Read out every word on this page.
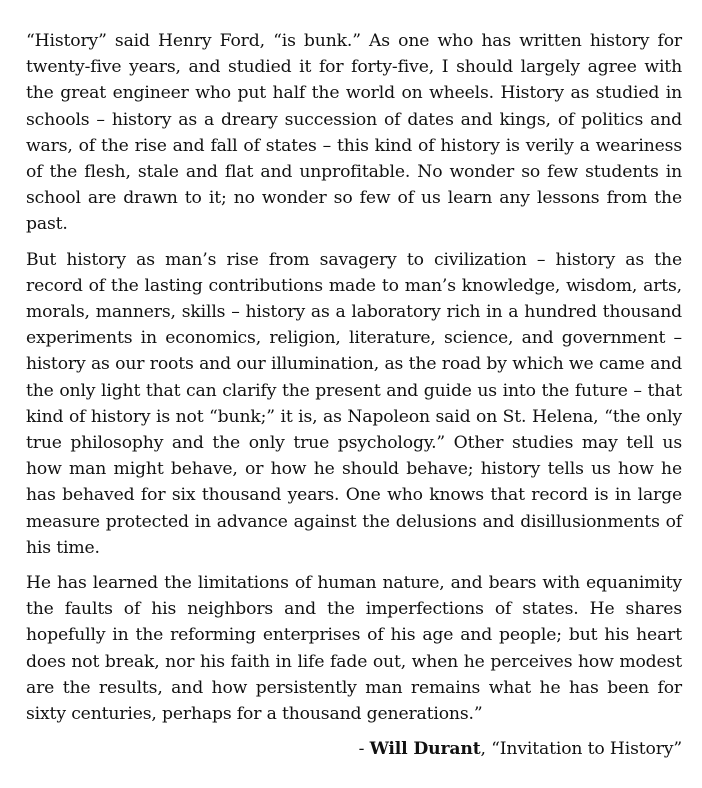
“History” said Henry Ford, “is bunk.” As one who has written history for twenty-five years, and studied it for forty-five, I should largely agree with the great engineer who put half the world on wheels. History as studied in schools – history as a dreary succession of dates and kings, of politics and wars, of the rise and fall of states – this kind of history is verily a weariness of the flesh, stale and flat and unprofitable. No wonder so few students in school are drawn to it; no wonder so few of us learn any lessons from the past.

But history as man’s rise from savagery to civilization – history as the record of the lasting contributions made to man’s knowledge, wisdom, arts, morals, manners, skills – history as a laboratory rich in a hundred thousand experiments in economics, religion, literature, science, and government – history as our roots and our illumination, as the road by which we came and the only light that can clarify the present and guide us into the future – that kind of history is not “bunk;” it is, as Napoleon said on St. Helena, “the only true philosophy and the only true psychology.” Other studies may tell us how man might behave, or how he should behave; history tells us how he has behaved for six thousand years. One who knows that record is in large measure protected in advance against the delusions and disillusionments of his time.

He has learned the limitations of human nature, and bears with equanimity the faults of his neighbors and the imperfections of states. He shares hopefully in the reforming enterprises of his age and people; but his heart does not break, nor his faith in life fade out, when he perceives how modest are the results, and how persistently man remains what he has been for sixty centuries, perhaps for a thousand generations.”

- Will Durant, “Invitation to History”
